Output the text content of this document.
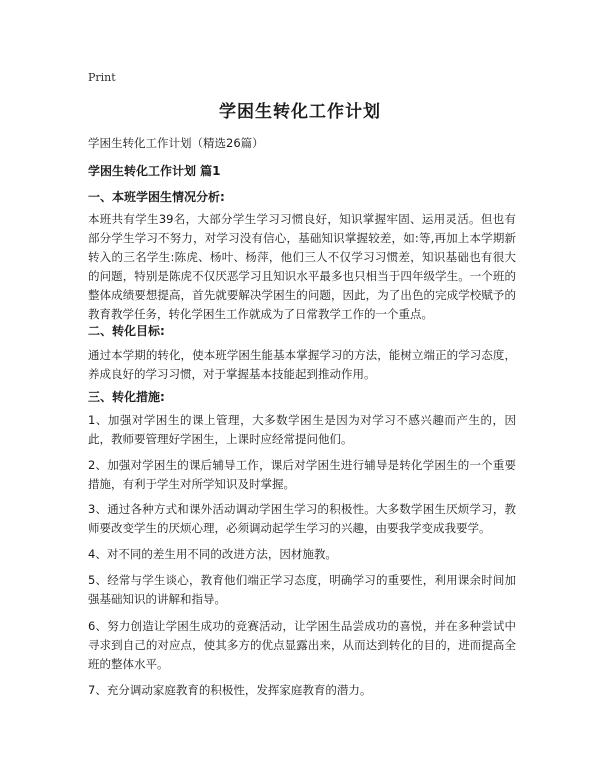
Print
学困生转化工作计划
学困生转化工作计划（精选26篇）
学困生转化工作计划 篇1
一、本班学困生情况分析:
本班共有学生39名，大部分学生学习习惯良好，知识掌握牢固、运用灵活。但也有部分学生学习不努力，对学习没有信心，基础知识掌握较差，如:等,再加上本学期新转入的三名学生:陈虎、杨叶、杨萍，他们三人不仅学习习惯差，知识基础也有很大的问题，特别是陈虎不仅厌恶学习且知识水平最多也只相当于四年级学生。一个班的整体成绩要想提高，首先就要解决学困生的问题，因此，为了出色的完成学校赋予的教育教学任务，转化学困生工作就成为了日常教学工作的一个重点。
二、转化目标:
通过本学期的转化，使本班学困生能基本掌握学习的方法，能树立端正的学习态度，养成良好的学习习惯，对于掌握基本技能起到推动作用。
三、转化措施:
1、加强对学困生的课上管理，大多数学困生是因为对学习不感兴趣而产生的，因此，教师要管理好学困生，上课时应经常提问他们。
2、加强对学困生的课后辅导工作，课后对学困生进行辅导是转化学困生的一个重要措施，有利于学生对所学知识及时掌握。
3、通过各种方式和课外活动调动学困生学习的积极性。大多数学困生厌烦学习，教师要改变学生的厌烦心理，必须调动起学生学习的兴趣，由要我学变成我要学。
4、对不同的差生用不同的改进方法，因材施教。
5、经常与学生谈心，教育他们端正学习态度，明确学习的重要性，利用课余时间加强基础知识的讲解和指导。
6、努力创造让学困生成功的竞赛活动，让学困生品尝成功的喜悦，并在多种尝试中寻求到自己的对应点，使其多方的优点显露出来，从而达到转化的目的，进而提高全班的整体水平。
7、充分调动家庭教育的积极性，发挥家庭教育的潜力。
